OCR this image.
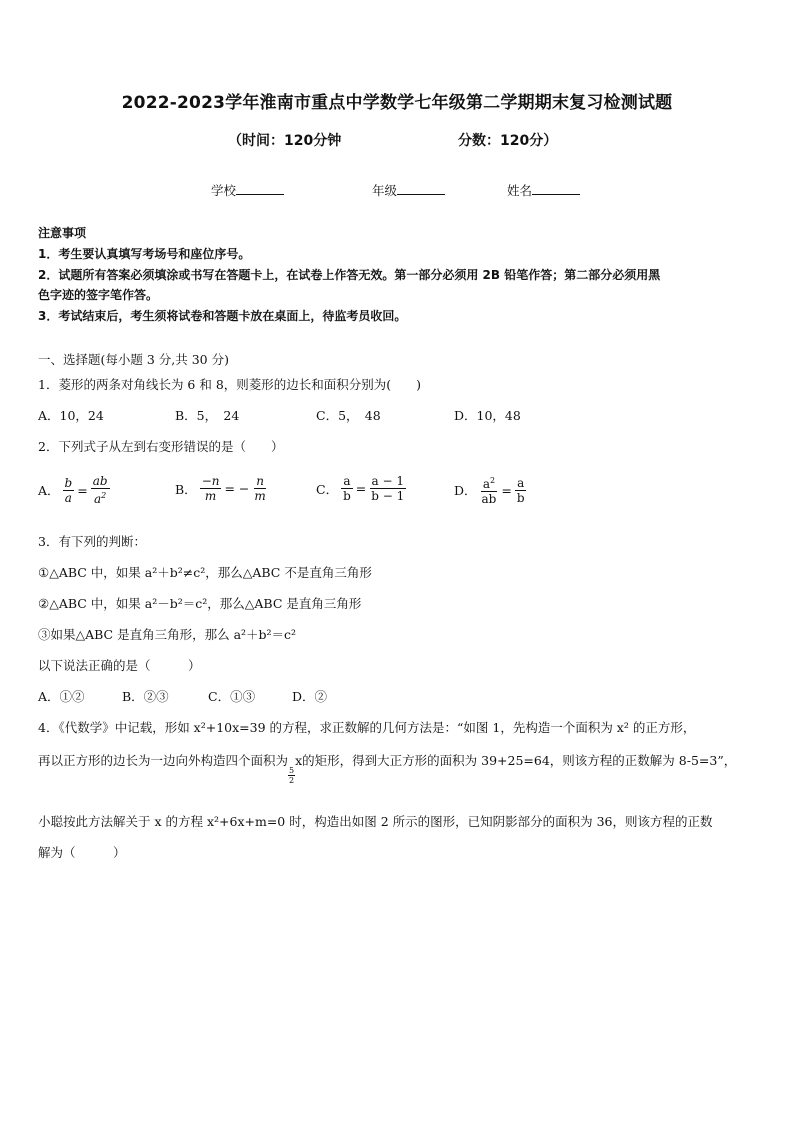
2022-2023学年淮南市重点中学数学七年级第二学期期末复习检测试题
（时间：120分钟	分数：120分）
学校	年级	姓名
注意事项
1．考生要认真填写考场号和座位序号。
2．试题所有答案必须填涂或书写在答题卡上，在试卷上作答无效。第一部分必须用 2B 铅笔作答；第二部分必须用黑
色字迹的签字笔作答。
3．考试结束后，考生须将试卷和答题卡放在桌面上，待监考员收回。
一、选择题(每小题 3 分,共 30 分)
1．菱形的两条对角线长为 6 和 8，则菱形的边长和面积分别为(　　)
A．10，24	B．5，　24	C．5，　48	D．10，48
2．下列式子从左到右变形错误的是（　　）
A． $\frac{b}{a} = \frac{ab}{a^2}$	B． $\frac{-n}{m}$ = − $\frac{n}{m}$	C． $\frac{a}{b} = \frac{a - 1}{b - 1}$	D． $\frac{a^2}{ab} = \frac{a}{b}$
3．有下列的判断：
①△ABC 中，如果 a²＋b²≠c²，那么△ABC 不是直角三角形
②△ABC 中，如果 a²－b²＝c²，那么△ABC 是直角三角形
③如果△ABC 是直角三角形，那么 a²＋b²＝c²
以下说法正确的是（　　　）
A．①②	B．②③	C．①③	D．②
4．《代数学》中记载，形如 x²+10x=39 的方程，求正数解的几何方法是：“如图 1，先构造一个面积为 x² 的正方形，
再以正方形的边长为一边向外构造四个面积为
$\frac{5}{2}$
x的矩形，得到大正方形的面积为 39+25=64，则该方程的正数解为 8-5=3”，
小聪按此方法解关于 x 的方程 x²+6x+m=0 时，构造出如图 2 所示的图形，已知阴影部分的面积为 36，则该方程的正数
解为（　　　）
